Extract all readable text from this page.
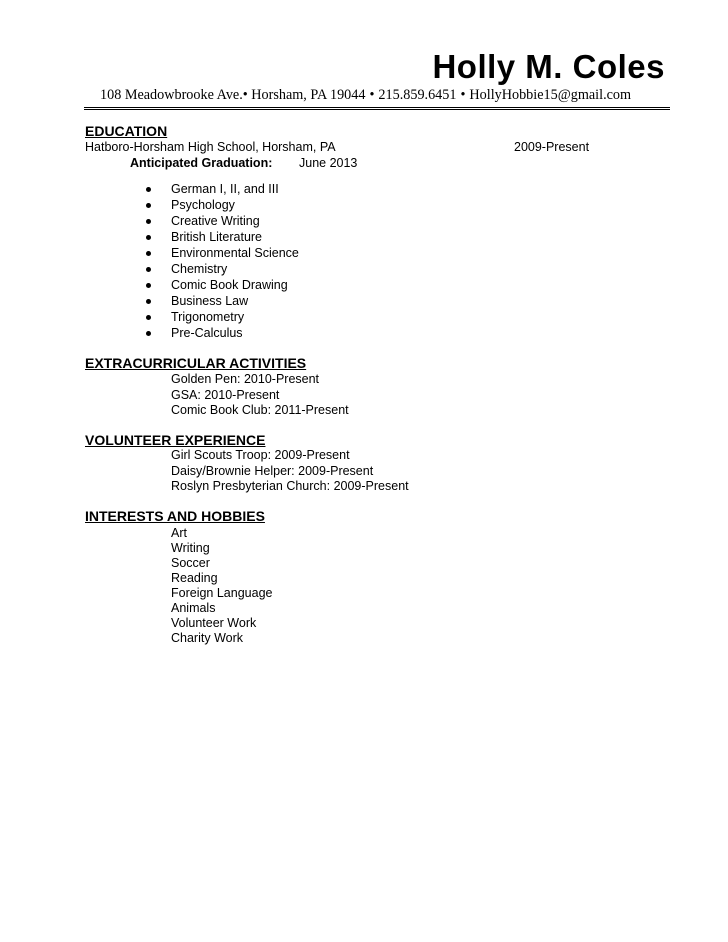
Holly M. Coles
108 Meadowbrooke Ave.• Horsham, PA 19044 • 215.859.6451 • HollyHobbie15@gmail.com
EDUCATION
Hatboro-Horsham High School, Horsham, PA	2009-Present
Anticipated Graduation: June 2013
German I, II, and III
Psychology
Creative Writing
British Literature
Environmental Science
Chemistry
Comic Book Drawing
Business Law
Trigonometry
Pre-Calculus
EXTRACURRICULAR ACTIVITIES
Golden Pen: 2010-Present
GSA: 2010-Present
Comic Book Club: 2011-Present
VOLUNTEER EXPERIENCE
Girl Scouts Troop: 2009-Present
Daisy/Brownie Helper: 2009-Present
Roslyn Presbyterian Church: 2009-Present
INTERESTS AND HOBBIES
Art
Writing
Soccer
Reading
Foreign Language
Animals
Volunteer Work
Charity Work
